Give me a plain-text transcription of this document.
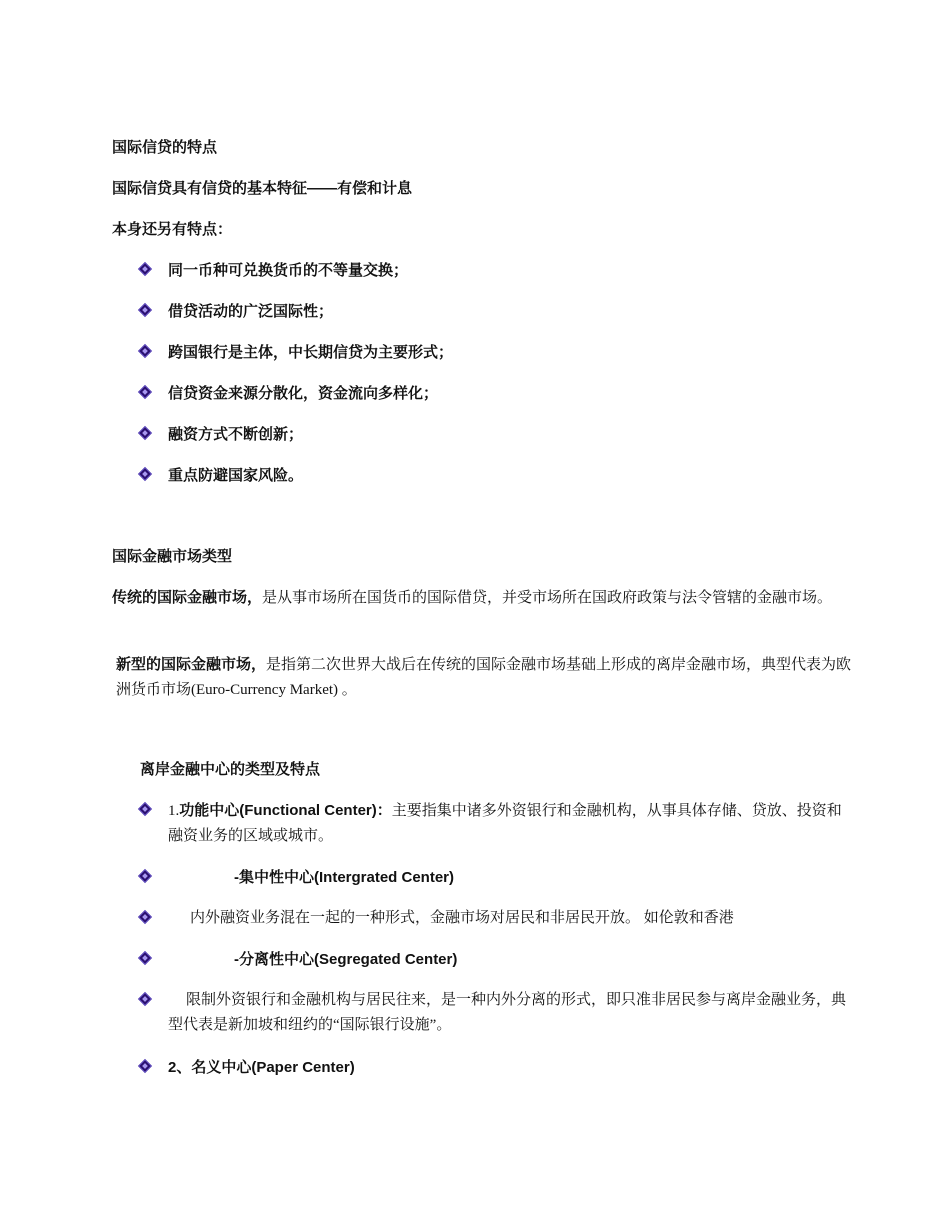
国际信贷的特点
国际信贷具有信贷的基本特征——有偿和计息
本身还另有特点：
同一币种可兑换货币的不等量交换；
借贷活动的广泛国际性；
跨国银行是主体，中长期信贷为主要形式；
信贷资金来源分散化，资金流向多样化；
融资方式不断创新；
重点防避国家风险。
国际金融市场类型
传统的国际金融市场，是从事市场所在国货币的国际借贷，并受市场所在国政府政策与法令管辖的金融市场。
新型的国际金融市场，是指第二次世界大战后在传统的国际金融市场基础上形成的离岸金融市场，典型代表为欧洲货币市场(Euro-Currency Market) 。
离岸金融中心的类型及特点
1.功能中心(Functional Center)：主要指集中诸多外资银行和金融机构，从事具体存储、贷放、投资和融资业务的区域或城市。
-集中性中心(Intergrated Center)
内外融资业务混在一起的一种形式，金融市场对居民和非居民开放。 如伦敦和香港
-分离性中心(Segregated Center)
限制外资银行和金融机构与居民往来，是一种内外分离的形式，即只准非居民参与离岸金融业务，典型代表是新加坡和纽约的“国际银行设施”。
2、名义中心(Paper Center)
